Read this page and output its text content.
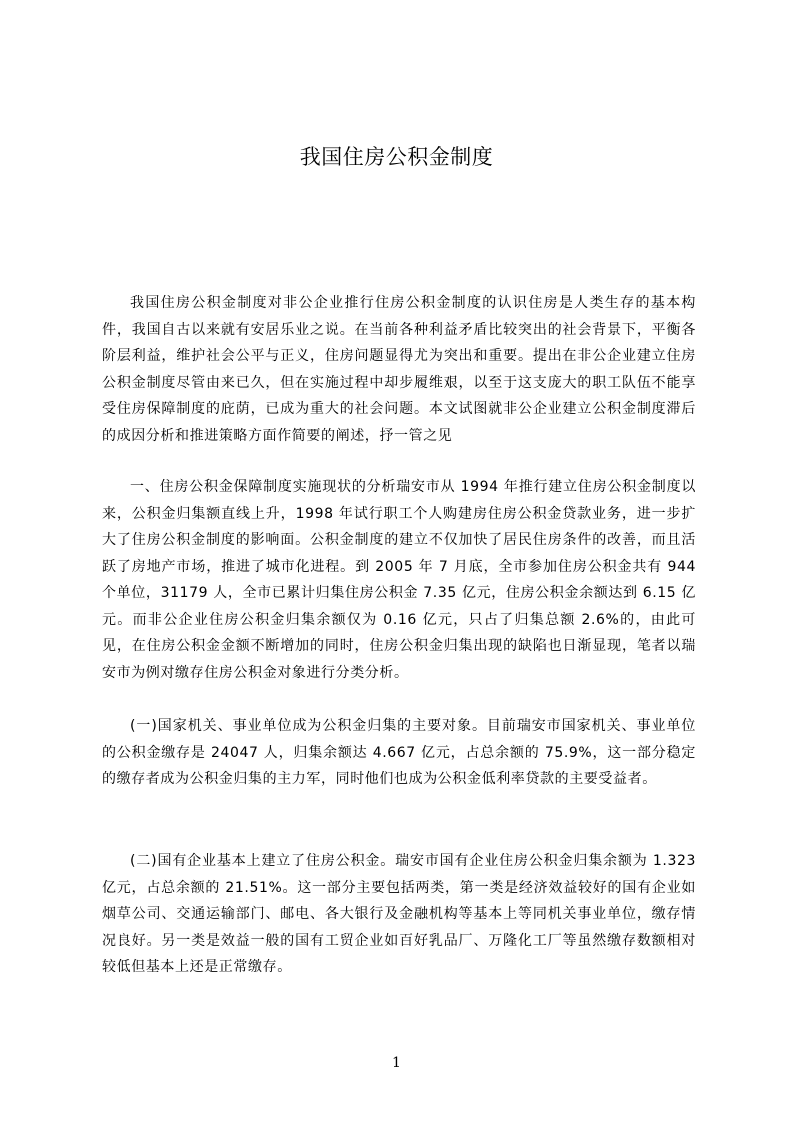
我国住房公积金制度

我国住房公积金制度对非公企业推行住房公积金制度的认识住房是人类生存的基本构件，我国自古以来就有安居乐业之说。在当前各种利益矛盾比较突出的社会背景下，平衡各阶层利益，维护社会公平与正义，住房问题显得尤为突出和重要。提出在非公企业建立住房公积金制度尽管由来已久，但在实施过程中却步履维艰，以至于这支庞大的职工队伍不能享受住房保障制度的庇荫，已成为重大的社会问题。本文试图就非公企业建立公积金制度滞后的成因分析和推进策略方面作简要的阐述，抒一管之见

一、住房公积金保障制度实施现状的分析瑞安市从 1994 年推行建立住房公积金制度以来，公积金归集额直线上升，1998 年试行职工个人购建房住房公积金贷款业务，进一步扩大了住房公积金制度的影响面。公积金制度的建立不仅加快了居民住房条件的改善，而且活跃了房地产市场，推进了城市化进程。到 2005 年 7 月底，全市参加住房公积金共有 944 个单位，31179 人，全市已累计归集住房公积金 7.35 亿元，住房公积金余额达到 6.15 亿元。而非公企业住房公积金归集余额仅为 0.16 亿元，只占了归集总额 2.6%的，由此可见，在住房公积金金额不断增加的同时，住房公积金归集出现的缺陷也日渐显现，笔者以瑞安市为例对缴存住房公积金对象进行分类分析。

(一)国家机关、事业单位成为公积金归集的主要对象。目前瑞安市国家机关、事业单位的公积金缴存是 24047 人，归集余额达 4.667 亿元，占总余额的 75.9%，这一部分稳定的缴存者成为公积金归集的主力军，同时他们也成为公积金低利率贷款的主要受益者。

(二)国有企业基本上建立了住房公积金。瑞安市国有企业住房公积金归集余额为 1.323 亿元，占总余额的 21.51%。这一部分主要包括两类，第一类是经济效益较好的国有企业如烟草公司、交通运输部门、邮电、各大银行及金融机构等基本上等同机关事业单位，缴存情况良好。另一类是效益一般的国有工贸企业如百好乳品厂、万隆化工厂等虽然缴存数额相对较低但基本上还是正常缴存。

1
